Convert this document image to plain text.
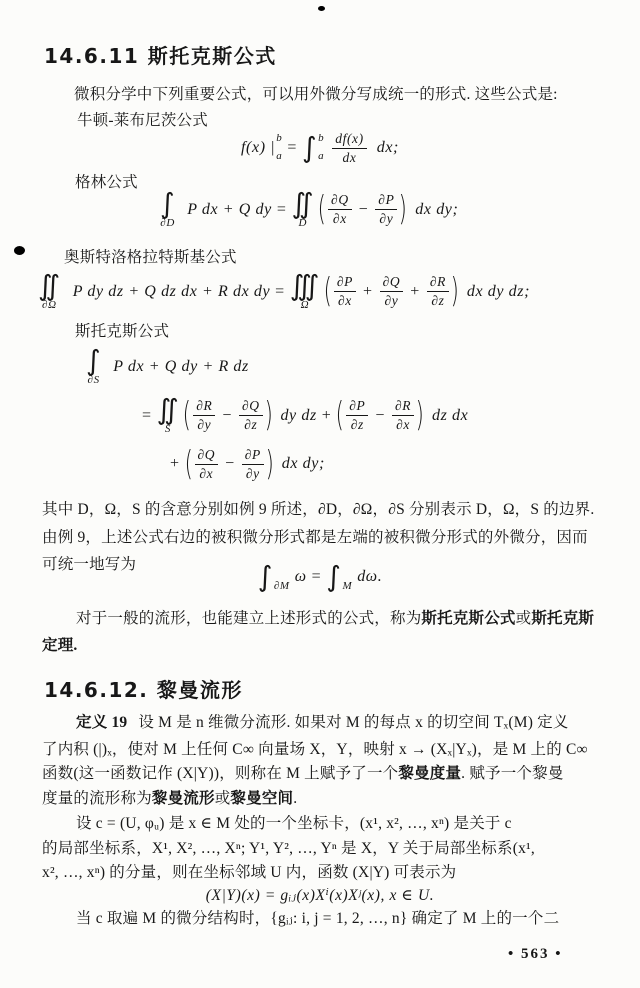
14.6.11 斯托克斯公式
微积分学中下列重要公式，可以用外微分写成统一的形式. 这些公式是:
牛顿-莱布尼茨公式
f(x) |
b
a = ∫ b
a $\frac{df(x)}{dx}$ dx;
格林公式
∫
∂D
P dx + Q dy = ∬
D ( $\frac{\partial Q}{\partial x} - \frac{\partial P}{\partial y}$ ) dx dy;
奥斯特洛格拉特斯基公式
∬
∂Ω
P dy dz + Q dz dx + R dx dy = ∭
Ω ( $\frac{\partial P}{\partial x} + \frac{\partial Q}{\partial y} + \frac{\partial R}{\partial z}$ ) dx dy dz;
斯托克斯公式
∫
∂S
P dx + Q dy + R dz
= ∬
S ( $\frac{\partial R}{\partial y} - \frac{\partial Q}{\partial z}$ ) dy dz + ( $\frac{\partial P}{\partial z} - \frac{\partial R}{\partial x}$ ) dz dx
+ ( $\frac{\partial Q}{\partial x} - \frac{\partial P}{\partial y}$ ) dx dy;
其中 D，Ω，S 的含意分别如例 9 所述，∂D，∂Ω，∂S 分别表示 D，Ω，S 的边界.
由例 9，上述公式右边的被积微分形式都是左端的被积微分形式的外微分，因而
可统一地写为	∫ ∂M
ω = ∫ M
dω.
对于一般的流形，也能建立上述形式的公式，称为斯托克斯公式或斯托克斯
定理.
14.6.12. 黎曼流形
定义 19 设 M 是 n 维微分流形. 如果对 M 的每点 x 的切空间 Tₓ(M) 定义
了内积 (|)ₓ，使对 M 上任何 C∞ 向量场 X，Y，映射 x → (Xₓ|Yₓ)，是 M 上的 C∞
函数(这一函数记作 (X|Y))，则称在 M 上赋予了一个黎曼度量. 赋予一个黎曼
度量的流形称为黎曼流形或黎曼空间.
设 c = (U, φᵤ) 是 x ∈ M 处的一个坐标卡，(x¹, x², …, xⁿ) 是关于 c
的局部坐标系，X¹, X², …, Xⁿ; Y¹, Y², …, Yⁿ 是 X，Y 关于局部坐标系(x¹,
x², …, xⁿ) 的分量，则在坐标邻域 U 内，函数 (X|Y) 可表示为
(X|Y)(x) = gᵢⱼ(x)Xⁱ(x)Xʲ(x), x ∈ U.
当 c 取遍 M 的微分结构时，{gᵢⱼ: i, j = 1, 2, …, n} 确定了 M 上的一个二
• 563 •
